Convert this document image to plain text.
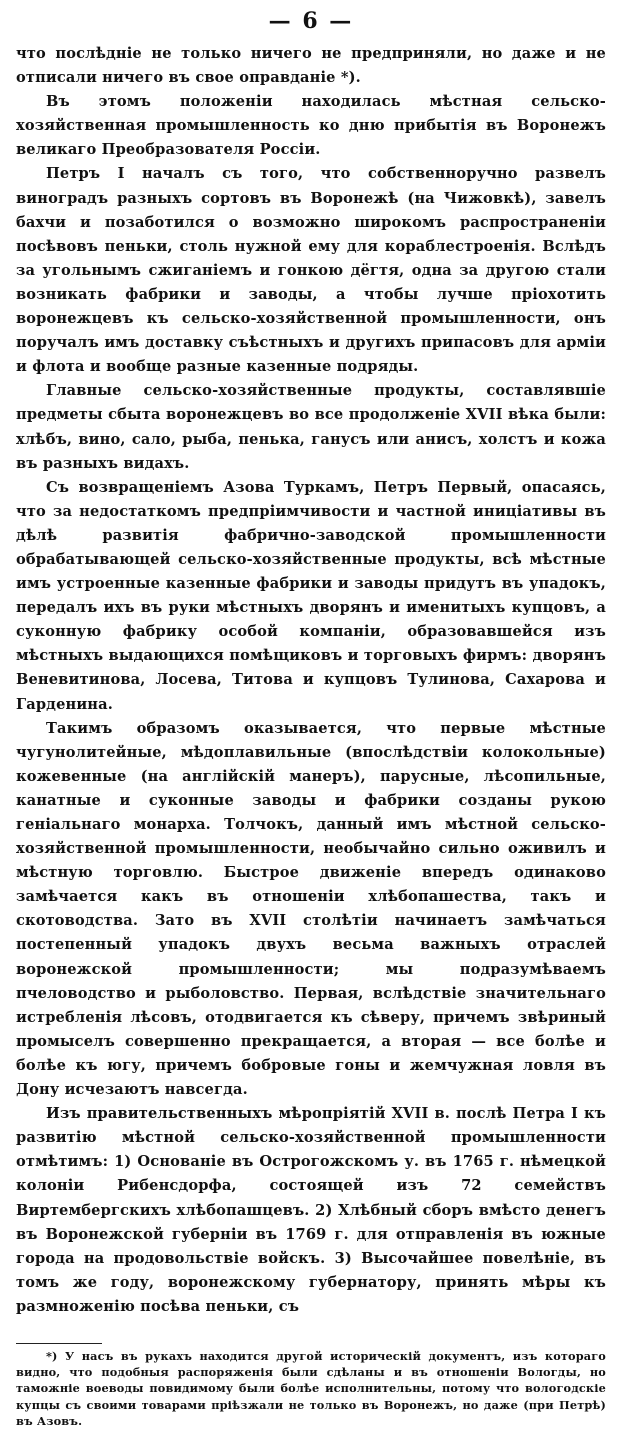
— 6 —

что послѣдніе не только ничего не предприняли, но даже и не отписали ничего въ свое оправданіе *).

Въ этомъ положеніи находилась мѣстная сельско-хозяйственная промышленность ко дню прибытія въ Воронежъ великаго Преобразователя Россіи.

Петръ I началъ съ того, что собственноручно развелъ виноградъ разныхъ сортовъ въ Воронежѣ (на Чижовкѣ), завелъ бахчи и позаботился о возможно широкомъ распространеніи посѣвовъ пеньки, столь нужной ему для кораблестроенія. Вслѣдъ за угольнымъ сжиганіемъ и гонкою дёгтя, одна за другою стали возникать фабрики и заводы, а чтобы лучше пріохотить воронежцевъ къ сельско-хозяйственной промышленности, онъ поручалъ имъ доставку съѣстныхъ и другихъ припасовъ для арміи и флота и вообще разные казенные подряды.

Главные сельско-хозяйственные продукты, составлявшіе предметы сбыта воронежцевъ во все продолженіе XVII вѣка были: хлѣбъ, вино, сало, рыба, пенька, ганусъ или анисъ, холстъ и кожа въ разныхъ видахъ.

Съ возвращеніемъ Азова Туркамъ, Петръ Первый, опасаясь, что за недостаткомъ предпріимчивости и частной иниціативы въ дѣлѣ развитія фабрично-заводской промышленности обрабатывающей сельско-хозяйственные продукты, всѣ мѣстные имъ устроенные казенные фабрики и заводы придутъ въ упадокъ, передалъ ихъ въ руки мѣстныхъ дворянъ и именитыхъ купцовъ, а суконную фабрику особой компаніи, образовавшейся изъ мѣстныхъ выдающихся помѣщиковъ и торговыхъ фирмъ: дворянъ Веневитинова, Лосева, Титова и купцовъ Тулинова, Сахарова и Гарденина.

Такимъ образомъ оказывается, что первые мѣстные чугунолитейные, мѣдоплавильные (впослѣдствіи колокольные) кожевенные (на англійскій манеръ), парусные, лѣсопильные, канатные и суконные заводы и фабрики созданы рукою геніальнаго монарха. Толчокъ, данный имъ мѣстной сельско-хозяйственной промышленности, необычайно сильно оживилъ и мѣстную торговлю. Быстрое движеніе впередъ одинаково замѣчается какъ въ отношеніи хлѣбопашества, такъ и скотоводства. Зато въ XVII столѣтіи начинаетъ замѣчаться постепенный упадокъ двухъ весьма важныхъ отраслей воронежской промышленности; мы подразумѣваемъ пчеловодство и рыболовство. Первая, вслѣдствіе значительнаго истребленія лѣсовъ, отодвигается къ сѣверу, причемъ звѣриный промыселъ совершенно прекращается, а вторая — все болѣе и болѣе къ югу, причемъ бобровые гоны и жемчужная ловля въ Дону исчезаютъ навсегда.

Изъ правительственныхъ мѣропріятій XVII в. послѣ Петра I къ развитію мѣстной сельско-хозяйственной промышленности отмѣтимъ: 1) Основаніе въ Острогожскомъ у. въ 1765 г. нѣмецкой колоніи Рибенсдорфа, состоящей изъ 72 семействъ Виртембергскихъ хлѣбопашцевъ. 2) Хлѣбный сборъ вмѣсто денегъ въ Воронежской губерніи въ 1769 г. для отправленія въ южные города на продовольствіе войскъ. 3) Высочайшее повелѣніе, въ томъ же году, воронежскому губернатору, принять мѣры къ размноженію посѣва пеньки, съ

*) У насъ въ рукахъ находится другой историческій документъ, изъ котораго видно, что подобныя распоряженія были сдѣланы и въ отношеніи Вологды, но таможніе воеводы повидимому были болѣе исполнительны, потому что вологодскіе купцы съ своими товарами пріѣзжали не только въ Воронежъ, но даже (при Петрѣ) въ Азовъ.
